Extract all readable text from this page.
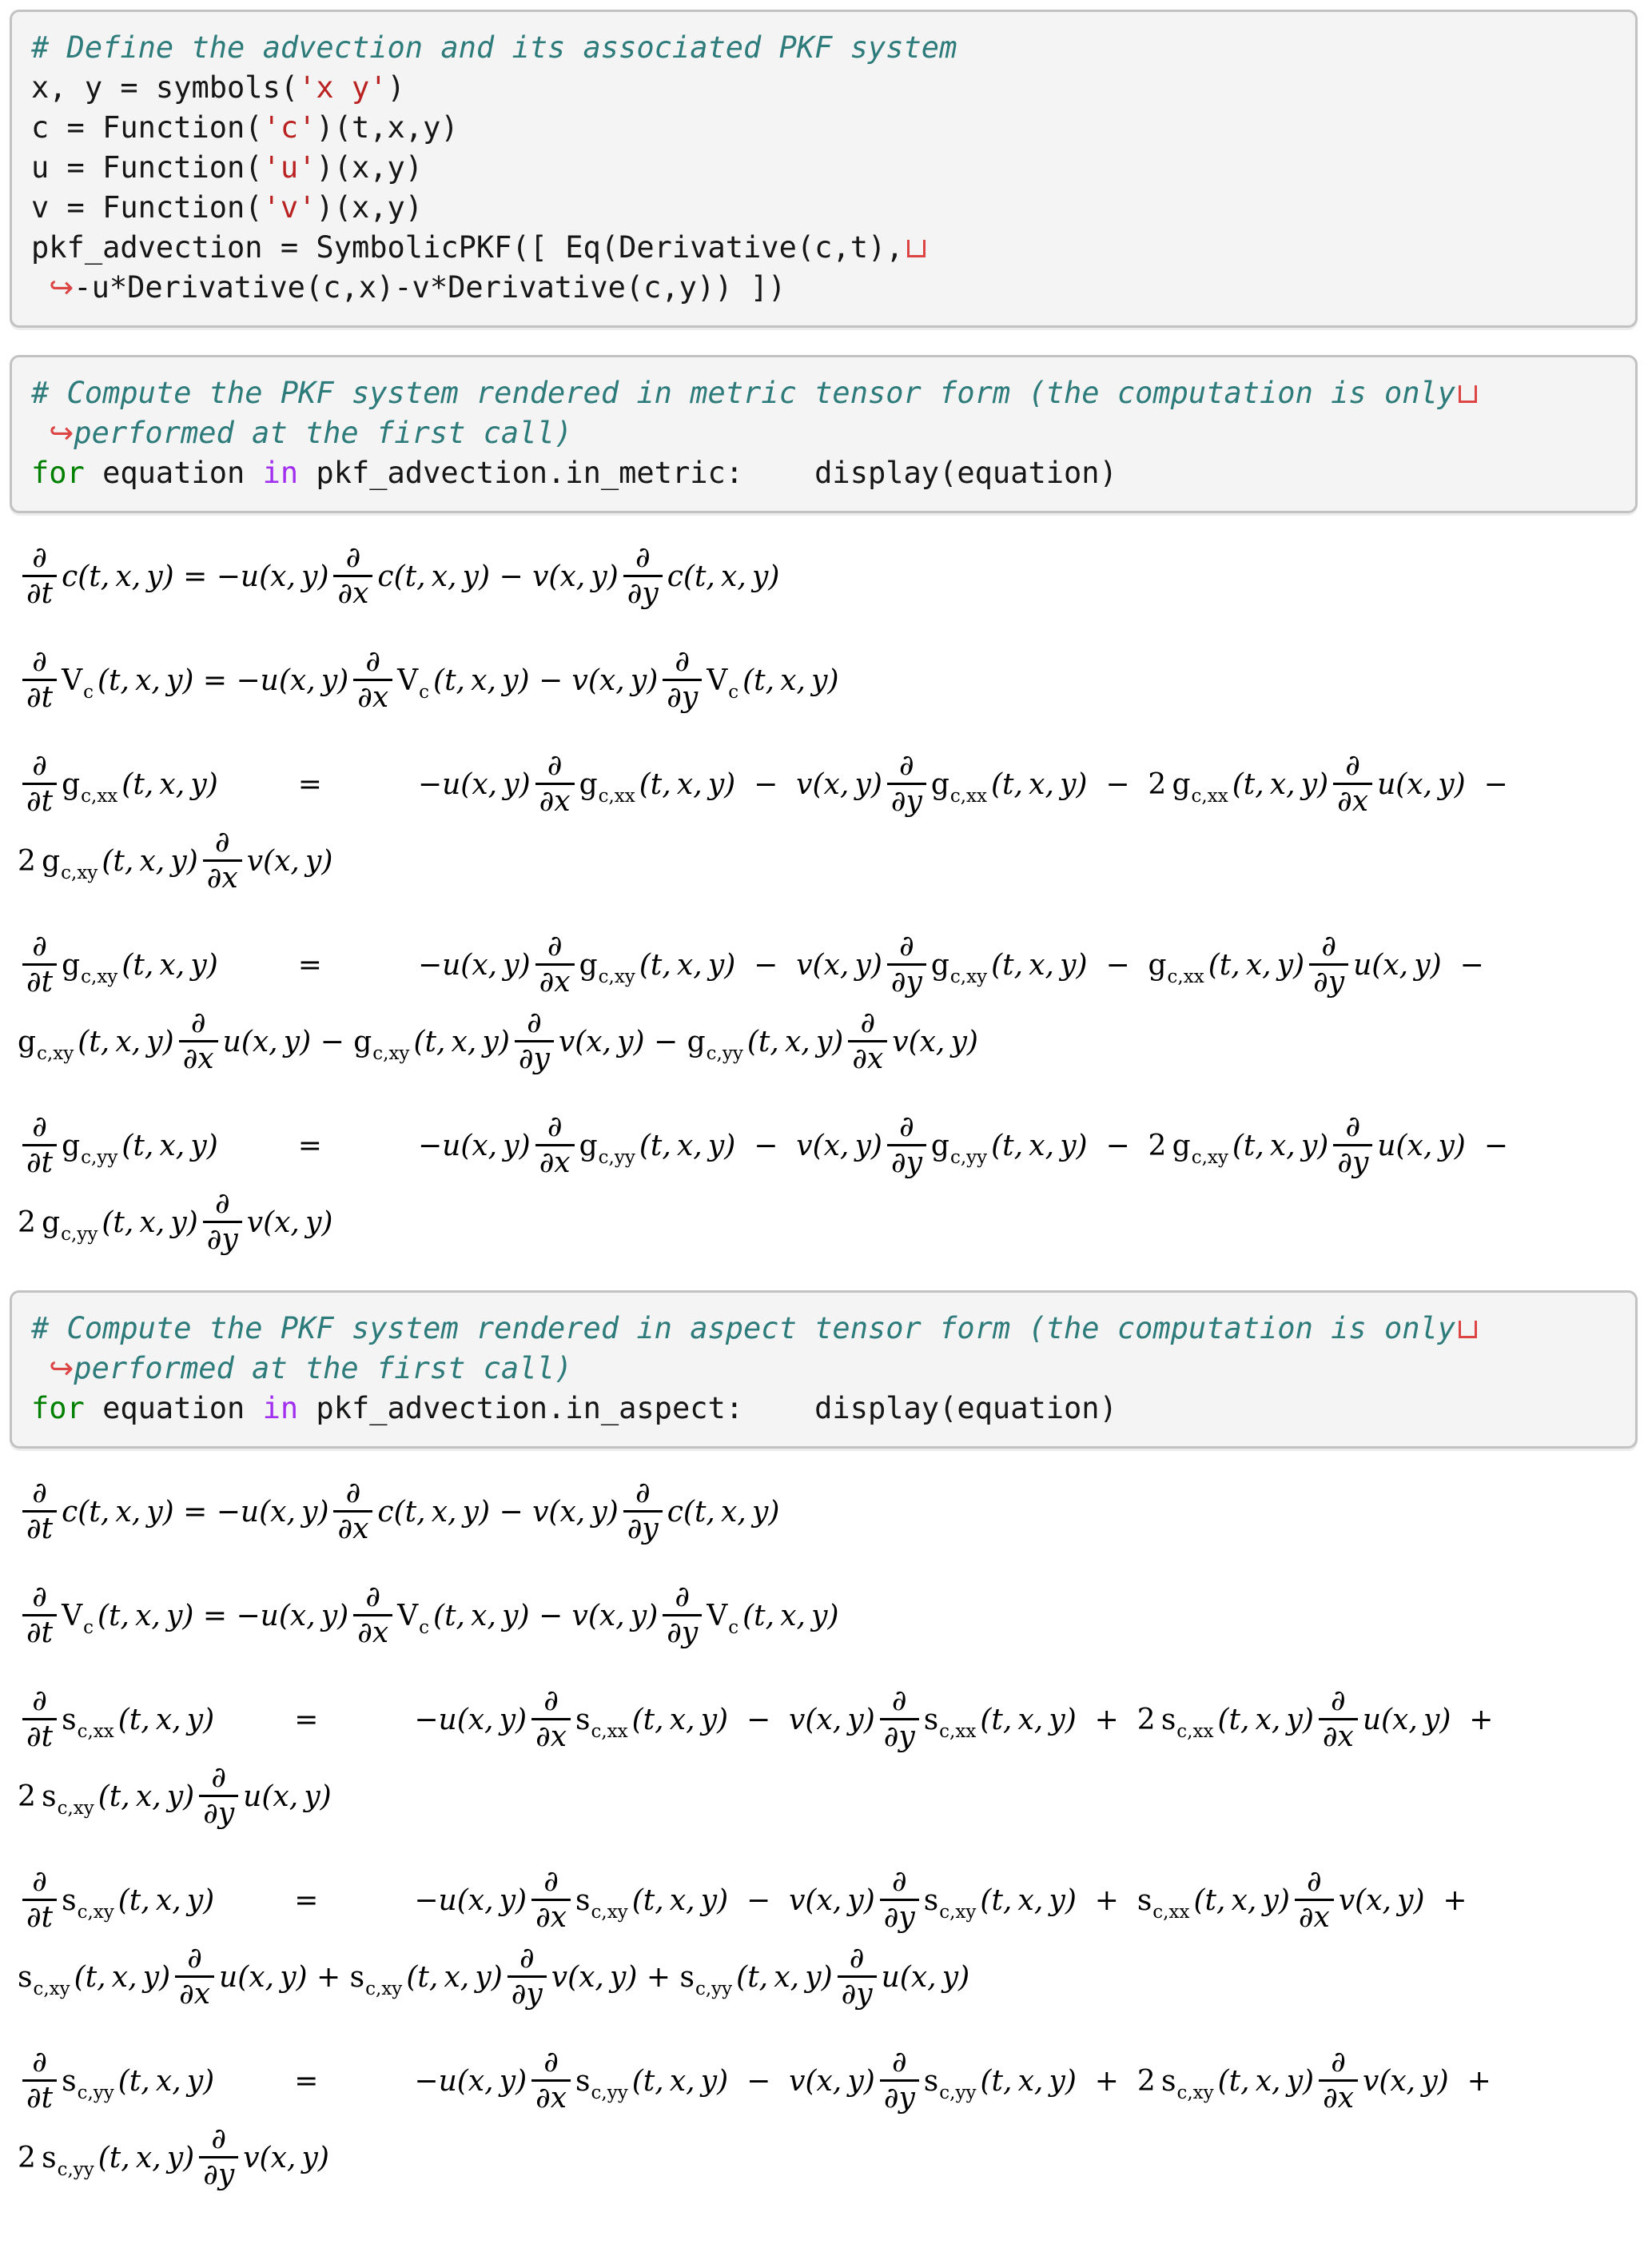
# Define the advection and its associated PKF system
x, y = symbols('x y')
c = Function('c')(t,x,y)
u = Function('u')(x,y)
v = Function('v')(x,y)
pkf_advection = SymbolicPKF([ Eq(Derivative(c,t),
↪-u*Derivative(c,x)-v*Derivative(c,y)) ])
# Compute the PKF system rendered in metric tensor form (the computation is only
↪performed at the first call)
for equation in pkf_advection.in_metric:    display(equation)
$\frac{\partial}{\partial t} c(t$, x, y) = −u(x, $y) \frac{\partial}{\partial x} c(t$, x, y) − v(x, $y) \frac{\partial}{\partial y} c(t$, x, y)
$\frac{\partial}{\partial t}$ Vc (t, x, y) = −u(x, $y) \frac{\partial}{\partial x}$ Vc (t, x, y) − v(x, $y) \frac{\partial}{\partial y}$ Vc (t, x, y)
$\frac{\partial}{\partial t} gc,xx$ (t, x, y)	=	−u(x, $y) \frac{\partial}{\partial x} gc,xx$ (t, x, y) − v(x, $y) \frac{\partial}{\partial y} gc,xx$ (t, x, y) − 2  gc,xx (t, x, $y) \frac{\partial}{\partial x} u(x$, y) −
2  gc,xy (t, x, $y) \frac{\partial}{\partial x} v(x$, y)
$\frac{\partial}{\partial t} gc,xy$ (t, x, y)	=	−u(x, $y) \frac{\partial}{\partial x} gc,xy$ (t, x, y) − v(x, $y) \frac{\partial}{\partial y} gc,xy$ (t, x, y) − gc,xx (t, x, $y) \frac{\partial}{\partial y} u(x$, y) −
gc,xy (t, x, $y) \frac{\partial}{\partial x} u(x$, y) − gc,xy (t, x, $y) \frac{\partial}{\partial y} v(x$, y) − gc,yy (t, x, $y) \frac{\partial}{\partial x} v(x$, y)
$\frac{\partial}{\partial t} gc,yy$ (t, x, y)	=	−u(x, $y) \frac{\partial}{\partial x} gc,yy$ (t, x, y) − v(x, $y) \frac{\partial}{\partial y} gc,yy$ (t, x, y) − 2  gc,xy (t, x, $y) \frac{\partial}{\partial y} u(x$, y) −
2  gc,yy (t, x, $y) \frac{\partial}{\partial y} v(x$, y)
# Compute the PKF system rendered in aspect tensor form (the computation is only
↪performed at the first call)
for equation in pkf_advection.in_aspect:    display(equation)
$\frac{\partial}{\partial t} c(t$, x, y) = −u(x, $y) \frac{\partial}{\partial x} c(t$, x, y) − v(x, $y) \frac{\partial}{\partial y} c(t$, x, y)
$\frac{\partial}{\partial t}$ Vc (t, x, y) = −u(x, $y) \frac{\partial}{\partial x}$ Vc (t, x, y) − v(x, $y) \frac{\partial}{\partial y}$ Vc (t, x, y)
$\frac{\partial}{\partial t} sc,xx$ (t, x, y)	=	−u(x, $y) \frac{\partial}{\partial x} sc,xx$ (t, x, y) − v(x, $y) \frac{\partial}{\partial y} sc,xx$ (t, x, y) + 2  sc,xx (t, x, $y) \frac{\partial}{\partial x} u(x$, y) +
2  sc,xy (t, x, $y) \frac{\partial}{\partial y} u(x$, y)
$\frac{\partial}{\partial t} sc,xy$ (t, x, y)	=	−u(x, $y) \frac{\partial}{\partial x} sc,xy$ (t, x, y) − v(x, $y) \frac{\partial}{\partial y} sc,xy$ (t, x, y) + sc,xx (t, x, $y) \frac{\partial}{\partial x} v(x$, y) +
sc,xy (t, x, $y) \frac{\partial}{\partial x} u(x$, y) + sc,xy (t, x, $y) \frac{\partial}{\partial y} v(x$, y) + sc,yy (t, x, $y) \frac{\partial}{\partial y} u(x$, y)
$\frac{\partial}{\partial t} sc,yy$ (t, x, y)	=	−u(x, $y) \frac{\partial}{\partial x} sc,yy$ (t, x, y) − v(x, $y) \frac{\partial}{\partial y} sc,yy$ (t, x, y) + 2  sc,xy (t, x, $y) \frac{\partial}{\partial x} v(x$, y) +
2  sc,yy (t, x, $y) \frac{\partial}{\partial y} v(x$, y)
